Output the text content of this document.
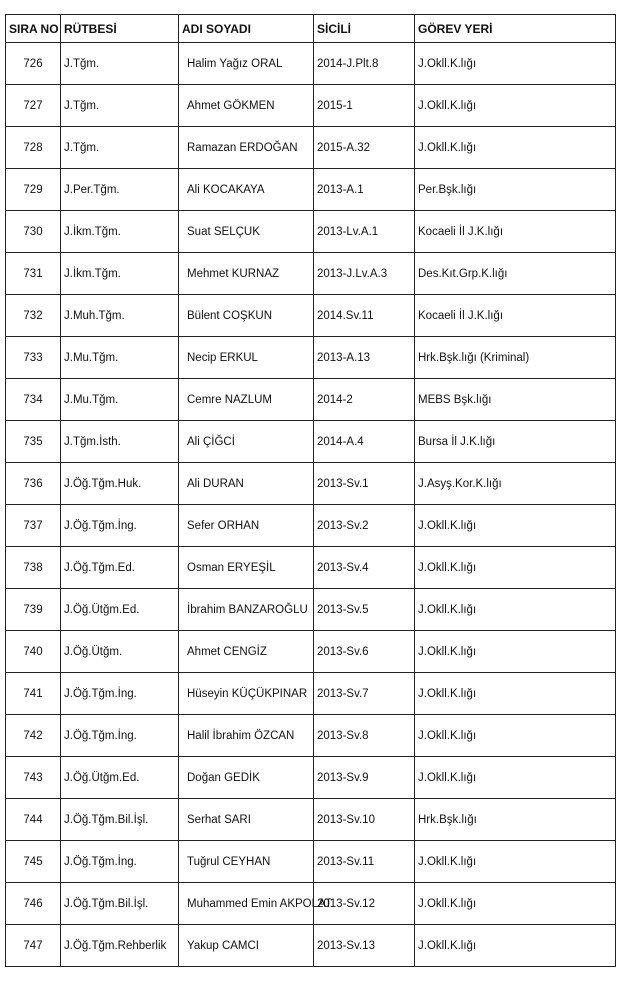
SIRA NO	RÜTBESİ	ADI SOYADI	SİCİLİ	GÖREV YERİ
726	J.Tğm.	Halim Yağız ORAL	2014-J.Plt.8	J.Okll.K.lığı
727	J.Tğm.	Ahmet GÖKMEN	2015-1	J.Okll.K.lığı
728	J.Tğm.	Ramazan ERDOĞAN	2015-A.32	J.Okll.K.lığı
729	J.Per.Tğm.	Ali KOCAKAYA	2013-A.1	Per.Bşk.lığı
730	J.İkm.Tğm.	Suat SELÇUK	2013-Lv.A.1	Kocaeli İl J.K.lığı
731	J.İkm.Tğm.	Mehmet KURNAZ	2013-J.Lv.A.3	Des.Kıt.Grp.K.lığı
732	J.Muh.Tğm.	Bülent COŞKUN	2014.Sv.11	Kocaeli İl J.K.lığı
733	J.Mu.Tğm.	Necip ERKUL	2013-A.13	Hrk.Bşk.lığı (Kriminal)
734	J.Mu.Tğm.	Cemre NAZLUM	2014-2	MEBS Bşk.lığı
735	J.Tğm.İsth.	Ali ÇİĞCİ	2014-A.4	Bursa İl J.K.lığı
736	J.Öğ.Tğm.Huk.	Ali DURAN	2013-Sv.1	J.Asyş.Kor.K.lığı
737	J.Öğ.Tğm.İng.	Sefer ORHAN	2013-Sv.2	J.Okll.K.lığı
738	J.Öğ.Tğm.Ed.	Osman ERYEŞİL	2013-Sv.4	J.Okll.K.lığı
739	J.Öğ.Ütğm.Ed.	İbrahim BANZAROĞLU	2013-Sv.5	J.Okll.K.lığı
740	J.Öğ.Ütğm.	Ahmet CENGİZ	2013-Sv.6	J.Okll.K.lığı
741	J.Öğ.Tğm.İng.	Hüseyin KÜÇÜKPINAR	2013-Sv.7	J.Okll.K.lığı
742	J.Öğ.Tğm.İng.	Halil İbrahim ÖZCAN	2013-Sv.8	J.Okll.K.lığı
743	J.Öğ.Ütğm.Ed.	Doğan GEDİK	2013-Sv.9	J.Okll.K.lığı
744	J.Öğ.Tğm.Bil.İşl.	Serhat SARI	2013-Sv.10	Hrk.Bşk.lığı
745	J.Öğ.Tğm.İng.	Tuğrul CEYHAN	2013-Sv.11	J.Okll.K.lığı
746	J.Öğ.Tğm.Bil.İşl.	Muhammed Emin AKPOLAT	2013-Sv.12	J.Okll.K.lığı
747	J.Öğ.Tğm.Rehberlik	Yakup CAMCI	2013-Sv.13	J.Okll.K.lığı
